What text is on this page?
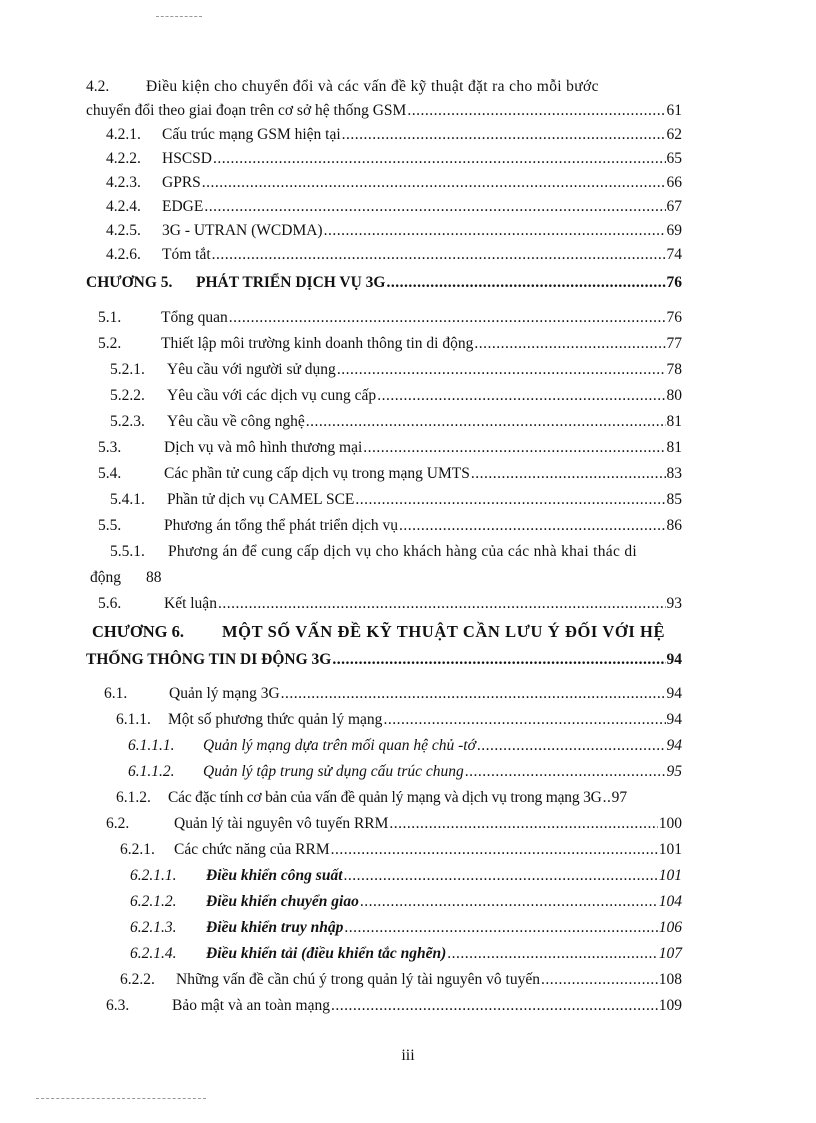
4.2.	Điều kiện cho chuyển đổi và các vấn đề kỹ thuật đặt ra cho mỗi bước
chuyển đổi theo giai đoạn trên cơ sở hệ thống GSM .....	61
4.2.1.	Cấu trúc mạng GSM hiện tại .....	62
4.2.2.	HSCSD .....	65
4.2.3.	GPRS .....	66
4.2.4.	EDGE .....	67
4.2.5.	3G - UTRAN (WCDMA) .....	69
4.2.6.	Tóm tắt .....	74
CHƯƠNG 5.	PHÁT TRIỂN DỊCH VỤ 3G .....	76
5.1.	Tổng quan .....	76
5.2.	Thiết lập môi trường kinh doanh thông tin di động .....	77
5.2.1.	Yêu cầu với người sử dụng .....	78
5.2.2.	Yêu cầu với các dịch vụ cung cấp .....	80
5.2.3.	Yêu cầu về công nghệ .....	81
5.3.	Dịch vụ và mô hình thương mại .....	81
5.4.	Các phần tử cung cấp dịch vụ trong mạng UMTS .....	83
5.4.1.	Phần tử dịch vụ CAMEL SCE .....	85
5.5.	Phương án tổng thể phát triển dịch vụ .....	86
5.5.1.	Phương án để cung cấp dịch vụ cho khách hàng của các nhà khai thác di
động	88
5.6.	Kết luận .....	93
CHƯƠNG 6.	MỘT SỐ VẤN ĐỀ KỸ THUẬT CẦN LƯU Ý ĐỐI VỚI HỆ
THỐNG THÔNG TIN DI ĐỘNG 3G .....	94
6.1.	Quản lý mạng 3G .....	94
6.1.1.	Một số phương thức quản lý mạng .....	94
6.1.1.1.	Quản lý mạng dựa trên mối quan hệ chủ -tớ .....	94
6.1.1.2.	Quản lý tập trung sử dụng cấu trúc chung .....	95
6.1.2.	Các đặc tính cơ bản của vấn đề quản lý mạng và dịch vụ trong mạng 3G ..... 97
6.2.	Quản lý tài nguyên vô tuyến RRM .....	100
6.2.1.	Các chức năng của RRM .....	101
6.2.1.1.	Điều khiển công suất .....	101
6.2.1.2.	Điều khiển chuyển giao .....	104
6.2.1.3.	Điều khiển truy nhập .....	106
6.2.1.4.	Điều khiển tải (điều khiển tắc nghẽn) .....	107
6.2.2.	Những vấn đề cần chú ý trong quản lý tài nguyên vô tuyến .....	108
6.3.	Bảo mật và an toàn mạng .....	109
iii
